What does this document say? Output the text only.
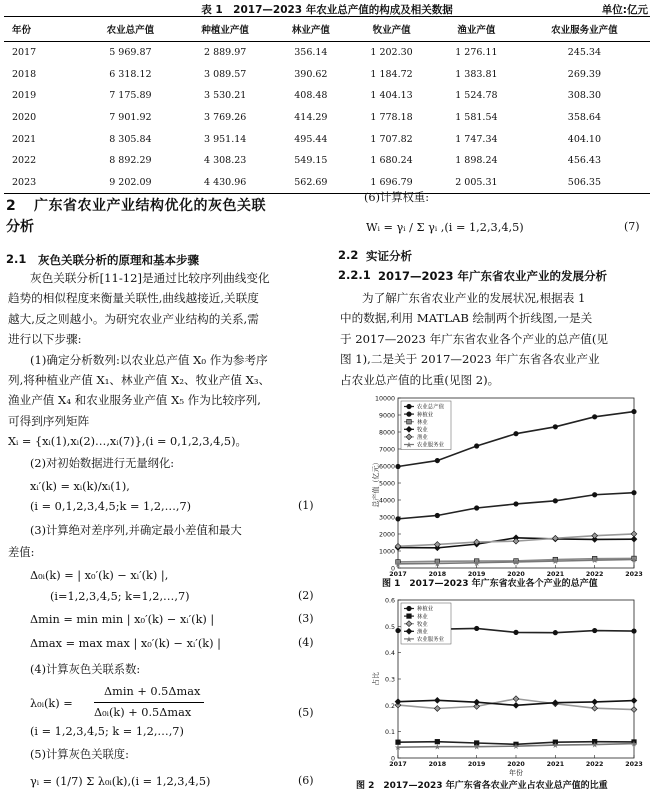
表 1　2017—2023 年农业总产值的构成及相关数据	单位:亿元
年份	农业总产值	种植业产值	林业产值	牧业产值	渔业产值	农业服务业产值
2017	5 969.87	2 889.97	356.14	1 202.30	1 276.11	245.34
2018	6 318.12	3 089.57	390.62	1 184.72	1 383.81	269.39
2019	7 175.89	3 530.21	408.48	1 404.13	1 524.78	308.30
2020	7 901.92	3 769.26	414.29	1 778.18	1 581.54	358.64
2021	8 305.84	3 951.14	495.44	1 707.82	1 747.34	404.10
2022	8 892.29	4 308.23	549.15	1 680.24	1 898.24	456.43
2023	9 202.09	4 430.96	562.69	1 696.79	2 005.31	506.35
2 广东省农业产业结构优化的灰色关联
分析
2.1 灰色关联分析的原理和基本步骤
灰色关联分析[11-12]是通过比较序列曲线变化
趋势的相似程度来衡量关联性,曲线越接近,关联度
越大,反之则越小。为研究农业产业结构的关系,需
进行以下步骤:
(1)确定分析数列:以农业总产值 X₀ 作为参考序
列,将种植业产值 X₁、林业产值 X₂、牧业产值 X₃、
渔业产值 X₄ 和农业服务业产值 X₅ 作为比较序列,
可得到序列矩阵
Xᵢ = {xᵢ(1),xᵢ(2)…,xᵢ(7)},(i = 0,1,2,3,4,5)。
(2)对初始数据进行无量纲化:
xᵢ′(k) = xᵢ(k)/xᵢ(1),
(i = 0,1,2,3,4,5;k = 1,2,…,7)	(1)
(3)计算绝对差序列,并确定最小差值和最大
差值:
Δ₀ᵢ(k) = | x₀′(k) − xᵢ′(k) |,
(i=1,2,3,4,5; k=1,2,…,7)	(2)
Δmin = min min | x₀′(k) − xᵢ′(k) |	(3)
Δmax = max max | x₀′(k) − xᵢ′(k) |	(4)
(4)计算灰色关联系数:
λ₀ᵢ(k) =
Δmin + 0.5Δmax
Δ₀ᵢ(k) + 0.5Δmax	(5)
(i = 1,2,3,4,5; k = 1,2,…,7)
(5)计算灰色关联度:
γᵢ = (1/7) Σ λ₀ᵢ(k),(i = 1,2,3,4,5)	(6)
(6)计算权重:
Wᵢ = γᵢ / Σ γᵢ ,(i = 1,2,3,4,5)	(7)
2.2 实证分析
2.2.1 2017—2023 年广东省农业产业的发展分析
为了解广东省农业产业的发展状况,根据表 1
中的数据,利用 MATLAB 绘制两个折线图,一是关
于 2017—2023 年广东省农业各个产业的总产值(见
图 1),二是关于 2017—2023 年广东省各农业产业
占农业总产值的比重(见图 2)。
0
1000
2000
3000
4000
5000
6000
7000
8000
9000
10000
2017	2018	2019	2020	2021	2022	2023
总产值（亿元）
★	★	★	★	★	★	★
农业总产值
种植业
林业
牧业
渔业
★ 农业服务业
图 1　2017—2023 年广东省农业各个产业的总产值
0
0.1
0.2
0.3
0.4
0.5
0.6
2017	2018	2019	2020	2021	2022	2023
占比
年份
★	★	★	★	★	★	★
种植业
林业
牧业
渔业
★ 农业服务业
图 2　2017—2023 年广东省各农业产业占农业总产值的比重
